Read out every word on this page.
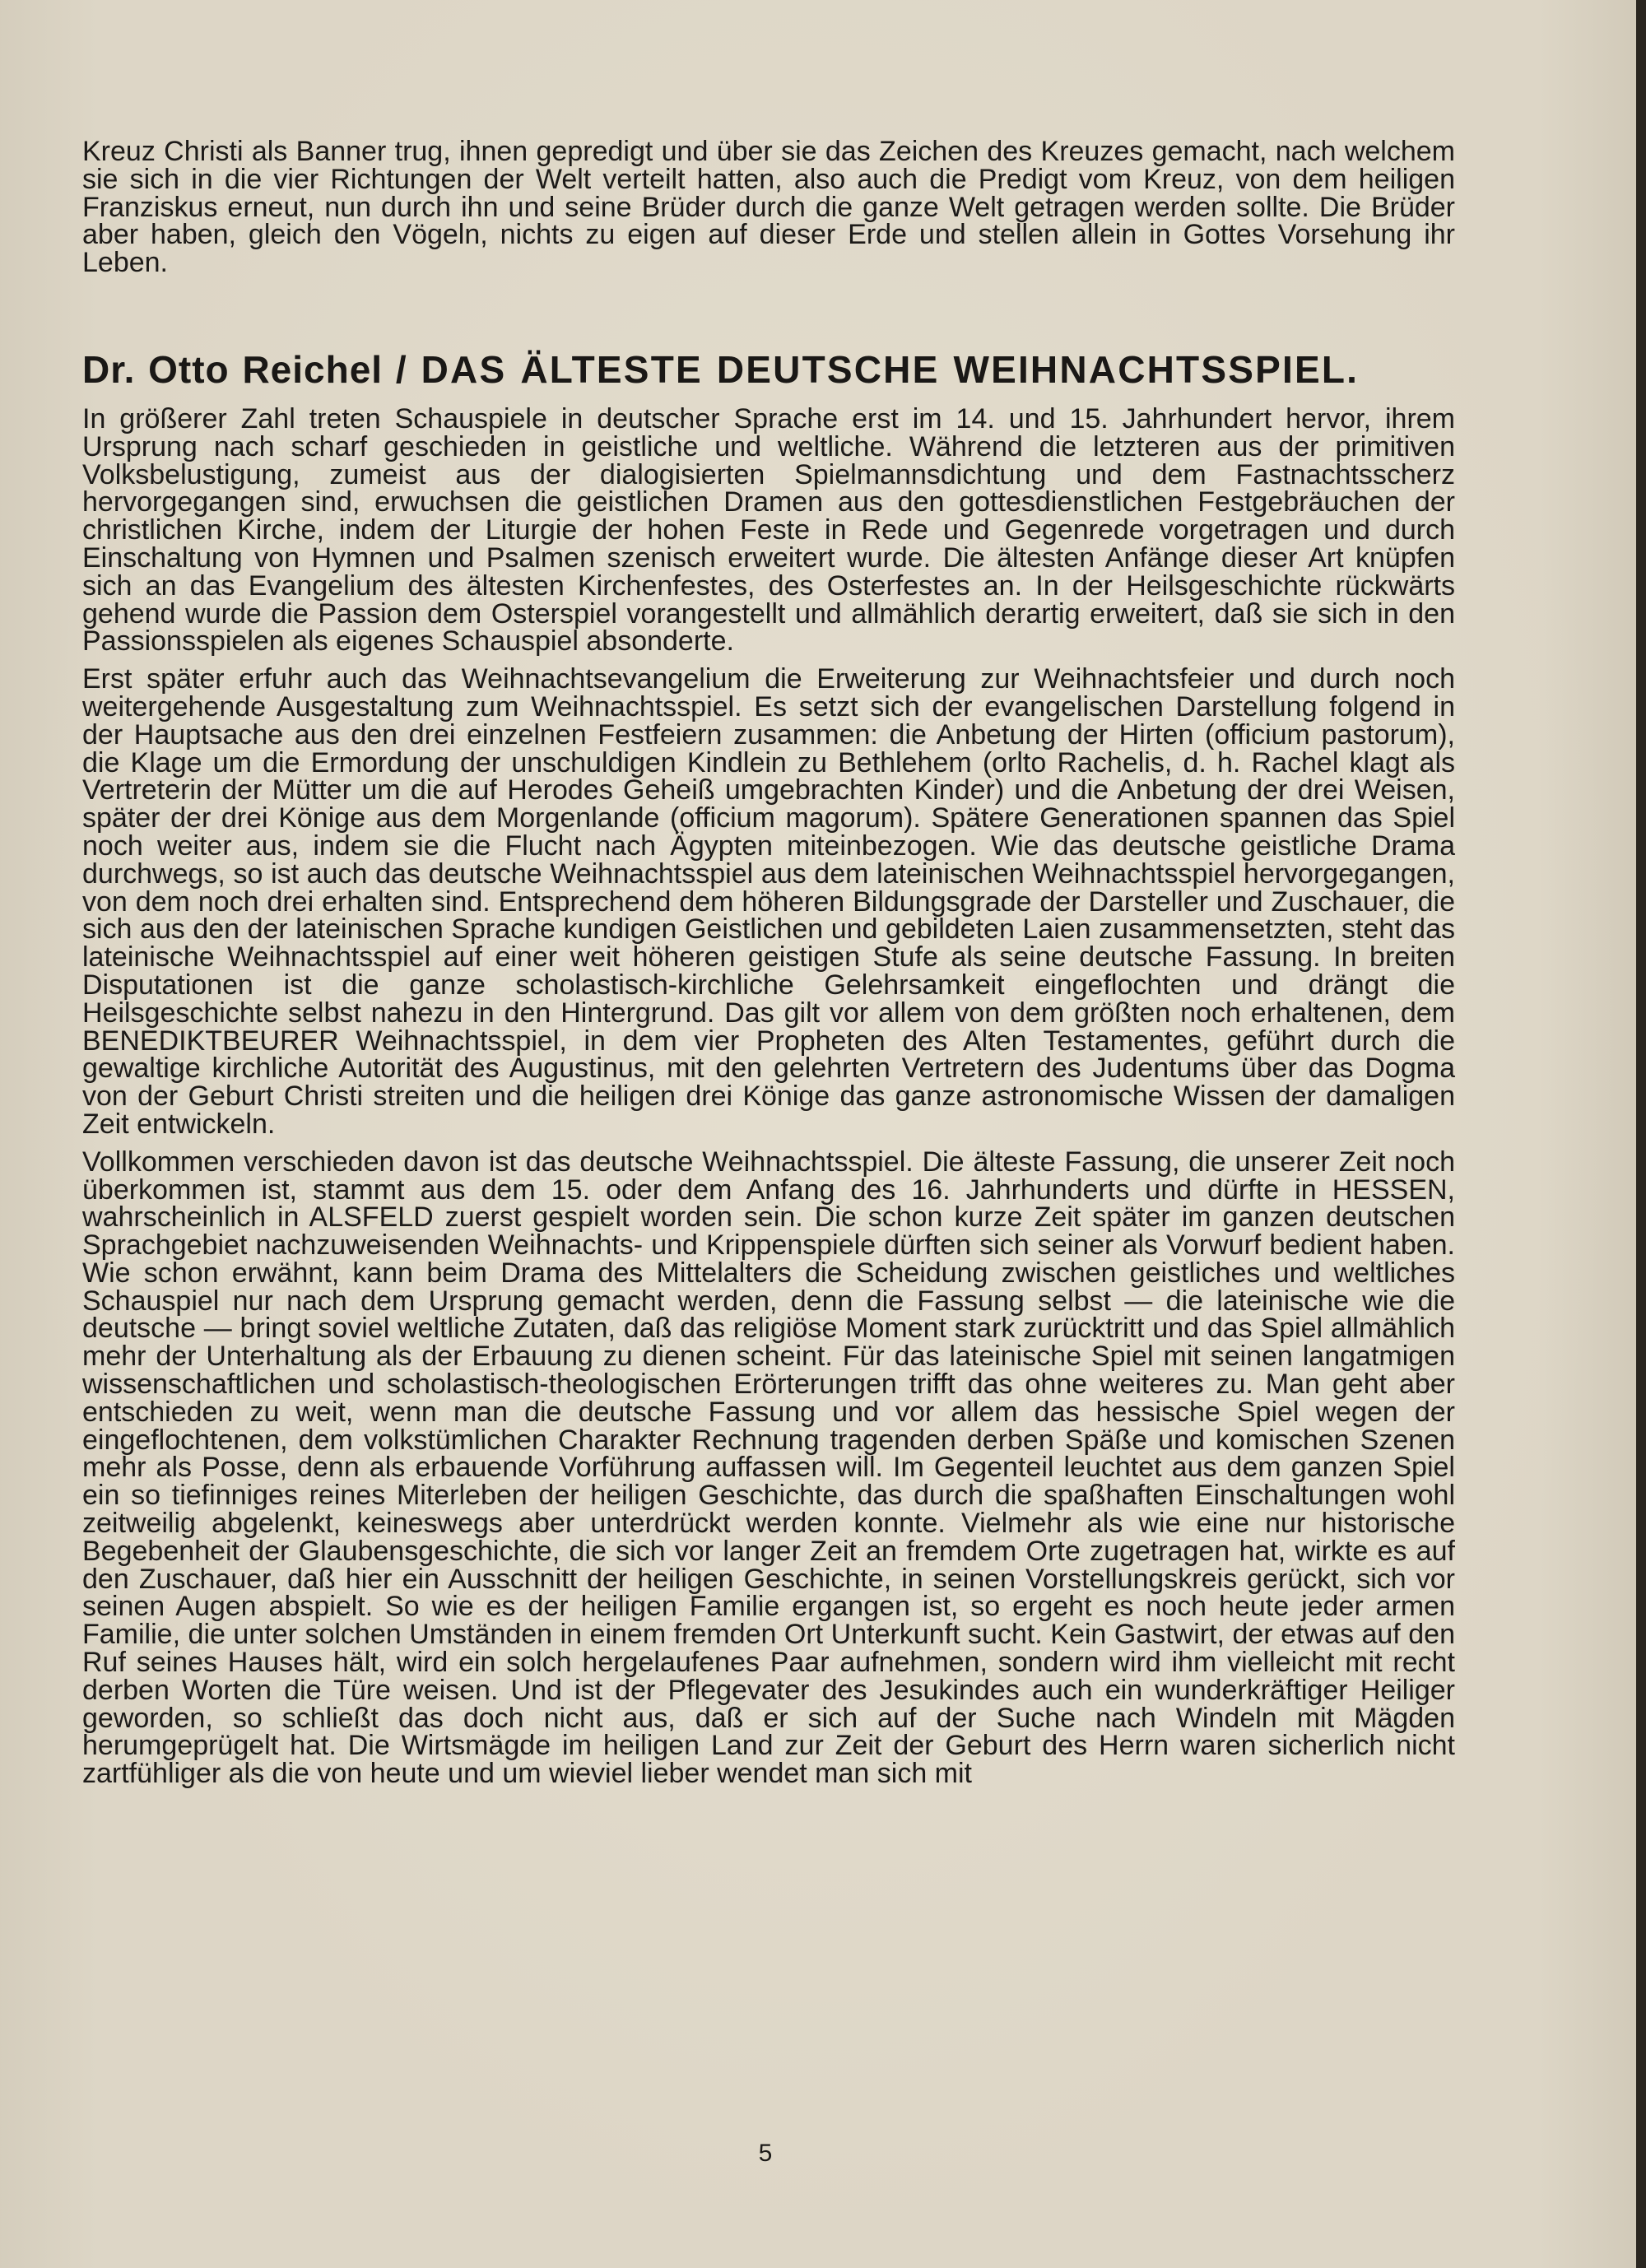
Kreuz Christi als Banner trug, ihnen gepredigt und über sie das Zeichen des Kreuzes gemacht, nach welchem sie sich in die vier Richtungen der Welt verteilt hatten, also auch die Predigt vom Kreuz, von dem heiligen Franziskus erneut, nun durch ihn und seine Brüder durch die ganze Welt getragen werden sollte. Die Brüder aber haben, gleich den Vögeln, nichts zu eigen auf dieser Erde und stellen allein in Gottes Vorsehung ihr Leben.

Dr. Otto Reichel / DAS ÄLTESTE DEUTSCHE WEIHNACHTSSPIEL.

In größerer Zahl treten Schauspiele in deutscher Sprache erst im 14. und 15. Jahrhundert hervor, ihrem Ursprung nach scharf geschieden in geistliche und weltliche. Während die letzteren aus der primitiven Volksbelustigung, zumeist aus der dialogisierten Spielmannsdichtung und dem Fastnachtsscherz hervorgegangen sind, erwuchsen die geistlichen Dramen aus den gottesdienstlichen Festgebräuchen der christlichen Kirche, indem der Liturgie der hohen Feste in Rede und Gegenrede vorgetragen und durch Einschaltung von Hymnen und Psalmen szenisch erweitert wurde. Die ältesten Anfänge dieser Art knüpfen sich an das Evangelium des ältesten Kirchenfestes, des Osterfestes an. In der Heilsgeschichte rückwärts gehend wurde die Passion dem Osterspiel vorangestellt und allmählich derartig erweitert, daß sie sich in den Passionsspielen als eigenes Schauspiel absonderte.

Erst später erfuhr auch das Weihnachtsevangelium die Erweiterung zur Weihnachtsfeier und durch noch weitergehende Ausgestaltung zum Weihnachtsspiel. Es setzt sich der evangelischen Darstellung folgend in der Hauptsache aus den drei einzelnen Festfeiern zusammen: die Anbetung der Hirten (officium pastorum), die Klage um die Ermordung der unschuldigen Kindlein zu Bethlehem (orlto Rachelis, d. h. Rachel klagt als Vertreterin der Mütter um die auf Herodes Geheiß umgebrachten Kinder) und die Anbetung der drei Weisen, später der drei Könige aus dem Morgenlande (officium magorum). Spätere Generationen spannen das Spiel noch weiter aus, indem sie die Flucht nach Ägypten miteinbezogen. Wie das deutsche geistliche Drama durchwegs, so ist auch das deutsche Weihnachtsspiel aus dem lateinischen Weihnachtsspiel hervorgegangen, von dem noch drei erhalten sind. Entsprechend dem höheren Bildungsgrade der Darsteller und Zuschauer, die sich aus den der lateinischen Sprache kundigen Geistlichen und gebildeten Laien zusammensetzten, steht das lateinische Weihnachtsspiel auf einer weit höheren geistigen Stufe als seine deutsche Fassung. In breiten Disputationen ist die ganze scholastisch-kirchliche Gelehrsamkeit eingeflochten und drängt die Heilsgeschichte selbst nahezu in den Hintergrund. Das gilt vor allem von dem größten noch erhaltenen, dem BENEDIKTBEURER Weihnachtsspiel, in dem vier Propheten des Alten Testamentes, geführt durch die gewaltige kirchliche Autorität des Augustinus, mit den gelehrten Vertretern des Judentums über das Dogma von der Geburt Christi streiten und die heiligen drei Könige das ganze astronomische Wissen der damaligen Zeit entwickeln.

Vollkommen verschieden davon ist das deutsche Weihnachtsspiel. Die älteste Fassung, die unserer Zeit noch überkommen ist, stammt aus dem 15. oder dem Anfang des 16. Jahrhunderts und dürfte in HESSEN, wahrscheinlich in ALSFELD zuerst gespielt worden sein. Die schon kurze Zeit später im ganzen deutschen Sprachgebiet nachzuweisenden Weihnachts- und Krippenspiele dürften sich seiner als Vorwurf bedient haben. Wie schon erwähnt, kann beim Drama des Mittelalters die Scheidung zwischen geistliches und weltliches Schauspiel nur nach dem Ursprung gemacht werden, denn die Fassung selbst — die lateinische wie die deutsche — bringt soviel weltliche Zutaten, daß das religiöse Moment stark zurücktritt und das Spiel allmählich mehr der Unterhaltung als der Erbauung zu dienen scheint. Für das lateinische Spiel mit seinen langatmigen wissenschaftlichen und scholastisch-theologischen Erörterungen trifft das ohne weiteres zu. Man geht aber entschieden zu weit, wenn man die deutsche Fassung und vor allem das hessische Spiel wegen der eingeflochtenen, dem volkstümlichen Charakter Rechnung tragenden derben Späße und komischen Szenen mehr als Posse, denn als erbauende Vorführung auffassen will. Im Gegenteil leuchtet aus dem ganzen Spiel ein so tiefinniges reines Miterleben der heiligen Geschichte, das durch die spaßhaften Einschaltungen wohl zeitweilig abgelenkt, keineswegs aber unterdrückt werden konnte. Vielmehr als wie eine nur historische Begebenheit der Glaubensgeschichte, die sich vor langer Zeit an fremdem Orte zugetragen hat, wirkte es auf den Zuschauer, daß hier ein Ausschnitt der heiligen Geschichte, in seinen Vorstellungskreis gerückt, sich vor seinen Augen abspielt. So wie es der heiligen Familie ergangen ist, so ergeht es noch heute jeder armen Familie, die unter solchen Umständen in einem fremden Ort Unterkunft sucht. Kein Gastwirt, der etwas auf den Ruf seines Hauses hält, wird ein solch hergelaufenes Paar aufnehmen, sondern wird ihm vielleicht mit recht derben Worten die Türe weisen. Und ist der Pflegevater des Jesukindes auch ein wunderkräftiger Heiliger geworden, so schließt das doch nicht aus, daß er sich auf der Suche nach Windeln mit Mägden herumgeprügelt hat. Die Wirtsmägde im heiligen Land zur Zeit der Geburt des Herrn waren sicherlich nicht zartfühliger als die von heute und um wieviel lieber wendet man sich mit

5
